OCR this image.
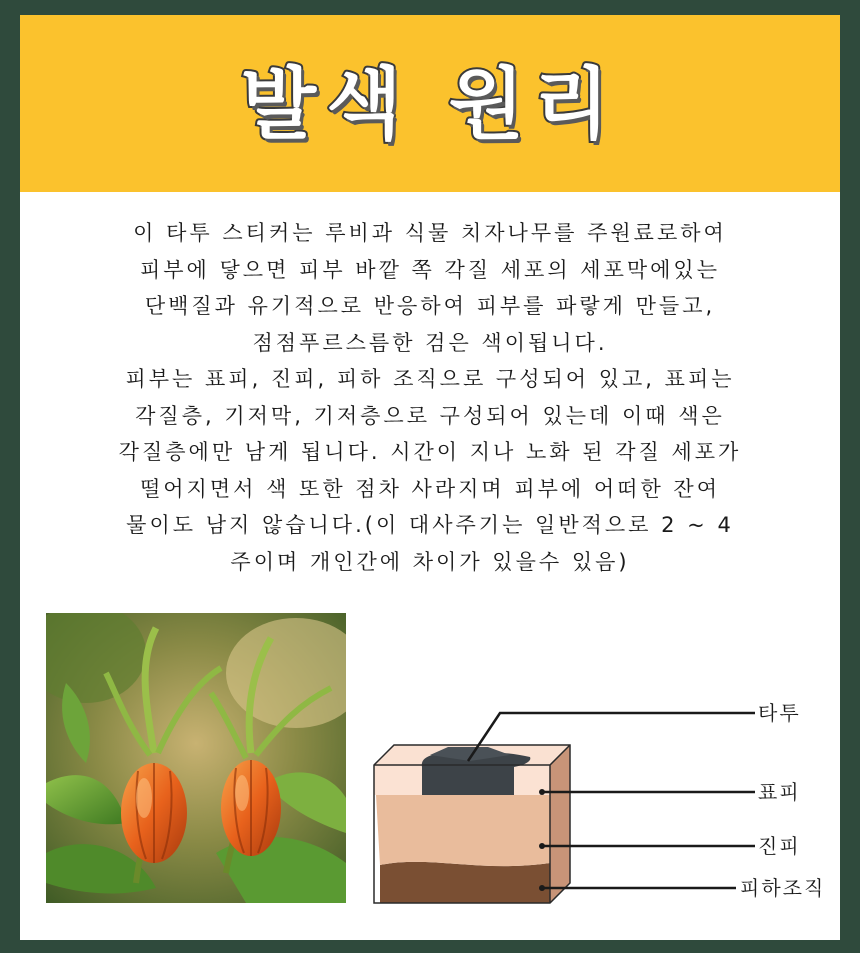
발색 원리

이 타투 스티커는 루비과 식물 치자나무를 주원료로하여

피부에 닿으면 피부 바깥 쪽 각질 세포의 세포막에있는

단백질과 유기적으로 반응하여 피부를 파랗게 만들고,

점점푸르스름한 검은 색이됩니다.

피부는 표피, 진피, 피하 조직으로 구성되어 있고, 표피는

각질층, 기저막, 기저층으로 구성되어 있는데 이때 색은

각질층에만 남게 됩니다. 시간이 지나 노화 된 각질 세포가

떨어지면서 색 또한 점차 사라지며 피부에 어떠한 잔여

물이도 남지 않습니다.(이 대사주기는 일반적으로 2 ~ 4

주이며 개인간에 차이가 있을수 있음)

타투
표피
진피
피하조직
